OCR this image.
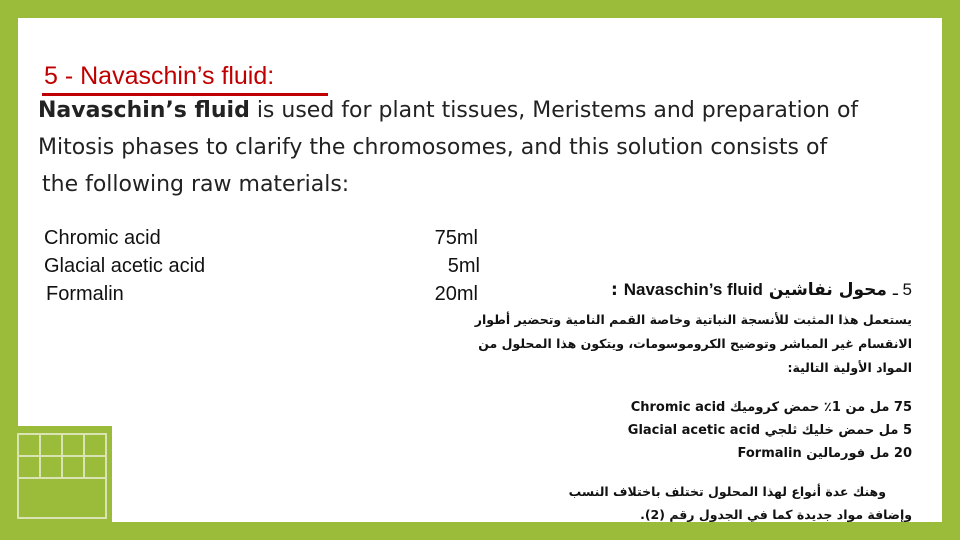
5 - Navaschin’s fluid:

Navaschin’s fluid is used for plant tissues, Meristems and preparation of
Mitosis phases to clarify the chromosomes, and this solution consists of
the following raw materials:

Chromic acid
Glacial acetic acid
Formalin
75ml
5ml
20ml	5 ـ محول نفاشين Navaschin’s fluid :
يستعمل هذا المثبت للأنسجة النباتية وخاصة القمم النامية وتحضير أطوار الانقسام غير المباشر وتوضيح الكروموسومات، ويتكون هذا المحلول من المواد الأولية التالية:
75 مل من 1٪ حمض كروميك Chromic acid
5 مل حمض خليك ثلجي Glacial acetic acid
20 مل فورمالين Formalin
وهنك عدة أنواع لهذا المحلول تختلف باختلاف النسب
وإضافة مواد جديدة كما في الجدول رقم (2).
